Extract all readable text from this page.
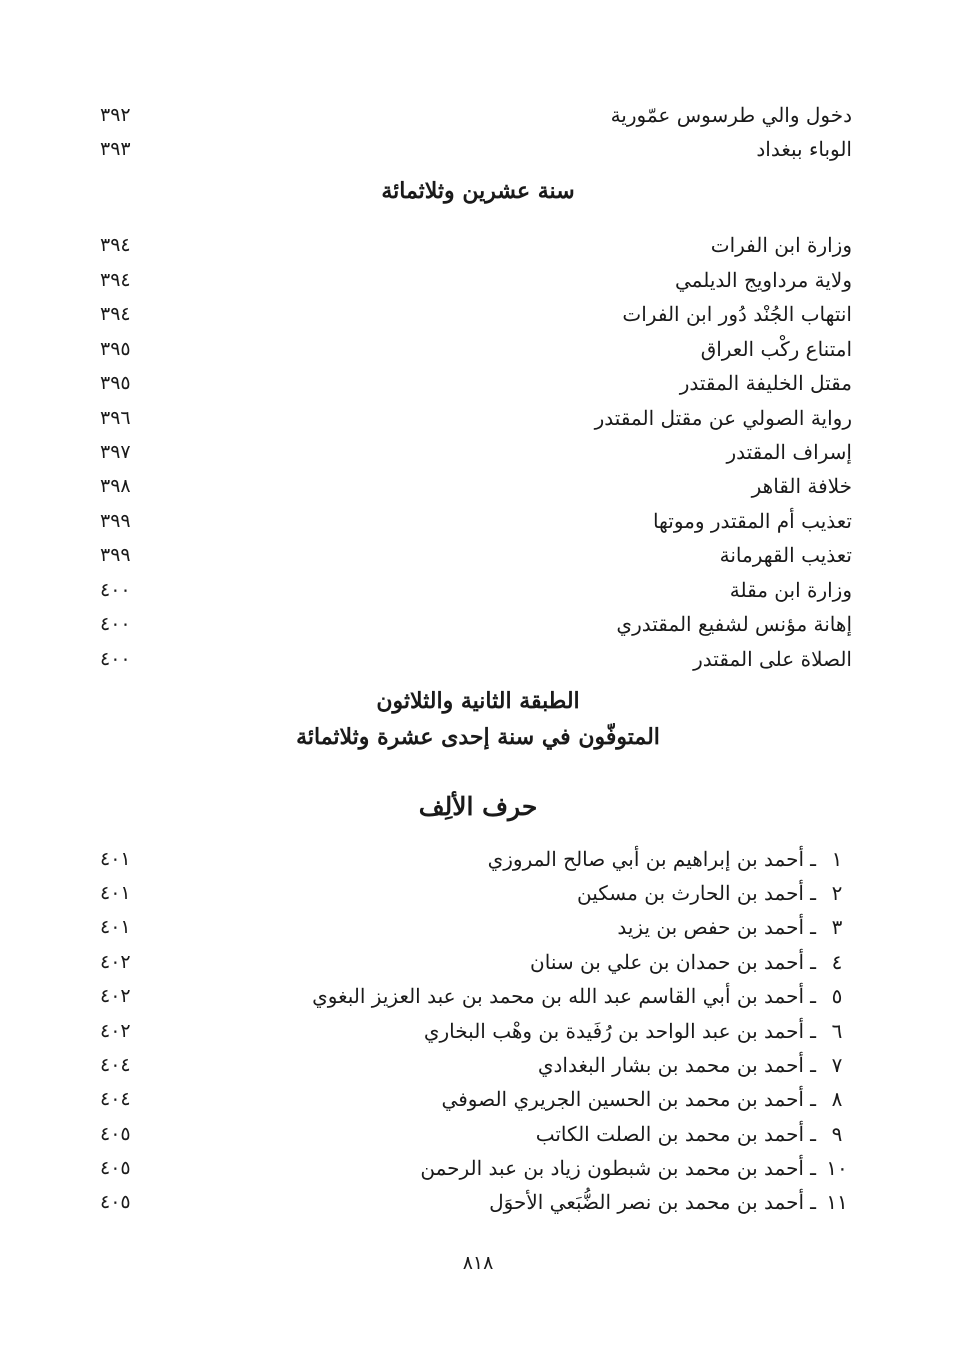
دخول والي طرسوس عمّورية
٣٩٢
الوباء ببغداد
٣٩٣
سنة عشرين وثلاثمائة
وزارة ابن الفرات
٣٩٤
ولاية مرداويج الديلمي
٣٩٤
انتهاب الجُنْد دُور ابن الفرات
٣٩٤
امتناع ركْب العراق
٣٩٥
مقتل الخليفة المقتدر
٣٩٥
رواية الصولي عن مقتل المقتدر
٣٩٦
إسراف المقتدر
٣٩٧
خلافة القاهر
٣٩٨
تعذيب أم المقتدر وموتها
٣٩٩
تعذيب القهرمانة
٣٩٩
وزارة ابن مقلة
٤٠٠
إهانة مؤنس لشفيع المقتدري
٤٠٠
الصلاة على المقتدر
٤٠٠
الطبقة الثانية والثلاثون
المتوفّون في سنة إحدى عشرة وثلاثمائة
حرف الألِف
١
ـ
أحمد بن إبراهيم بن أبي صالح المروزي
٤٠١
٢
ـ
أحمد بن الحارث بن مسكين
٤٠١
٣
ـ
أحمد بن حفص بن يزيد
٤٠١
٤
ـ
أحمد بن حمدان بن علي بن سنان
٤٠٢
٥
ـ
أحمد بن أبي القاسم عبد الله بن محمد بن عبد العزيز البغوي
٤٠٢
٦
ـ
أحمد بن عبد الواحد بن رُفَيدة بن وهْب البخاري
٤٠٢
٧
ـ
أحمد بن محمد بن بشار البغدادي
٤٠٤
٨
ـ
أحمد بن محمد بن الحسين الجريري الصوفي
٤٠٤
٩
ـ
أحمد بن محمد بن الصلت الكاتب
٤٠٥
١٠
ـ
أحمد بن محمد بن شبطون زياد بن عبد الرحمن
٤٠٥
١١
ـ
أحمد بن محمد بن نصر الضُّبَعي الأحوَل
٤٠٥
٨١٨
